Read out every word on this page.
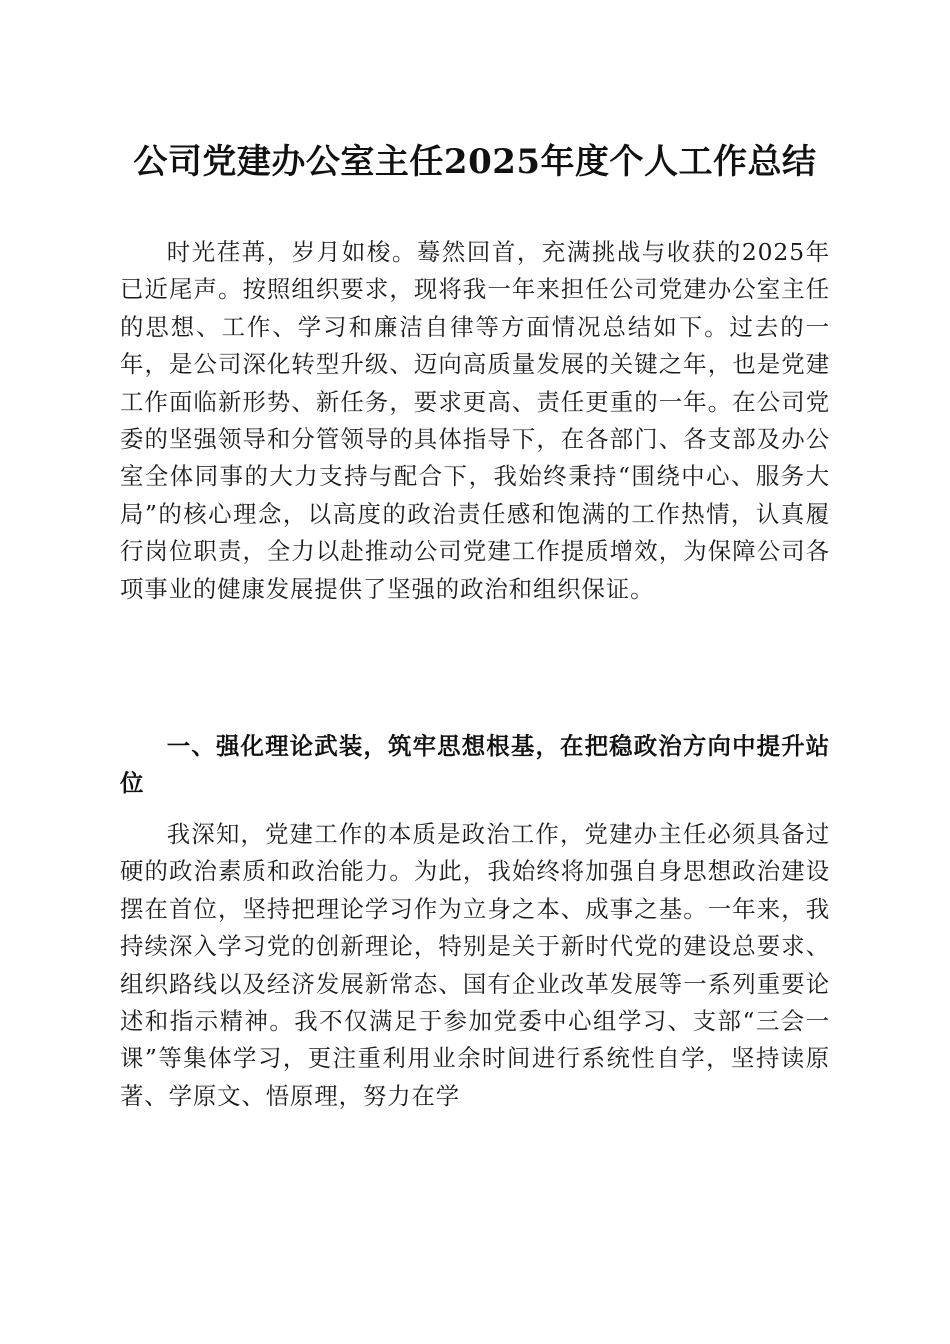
公司党建办公室主任2025年度个人工作总结
时光荏苒，岁月如梭。蓦然回首，充满挑战与收获的2025年已近尾声。按照组织要求，现将我一年来担任公司党建办公室主任的思想、工作、学习和廉洁自律等方面情况总结如下。过去的一年，是公司深化转型升级、迈向高质量发展的关键之年，也是党建工作面临新形势、新任务，要求更高、责任更重的一年。在公司党委的坚强领导和分管领导的具体指导下，在各部门、各支部及办公室全体同事的大力支持与配合下，我始终秉持“围绕中心、服务大局”的核心理念，以高度的政治责任感和饱满的工作热情，认真履行岗位职责，全力以赴推动公司党建工作提质增效，为保障公司各项事业的健康发展提供了坚强的政治和组织保证。
一、强化理论武装，筑牢思想根基，在把稳政治方向中提升站位
我深知，党建工作的本质是政治工作，党建办主任必须具备过硬的政治素质和政治能力。为此，我始终将加强自身思想政治建设摆在首位，坚持把理论学习作为立身之本、成事之基。一年来，我持续深入学习党的创新理论，特别是关于新时代党的建设总要求、组织路线以及经济发展新常态、国有企业改革发展等一系列重要论述和指示精神。我不仅满足于参加党委中心组学习、支部“三会一课”等集体学习，更注重利用业余时间进行系统性自学，坚持读原著、学原文、悟原理，努力在学
